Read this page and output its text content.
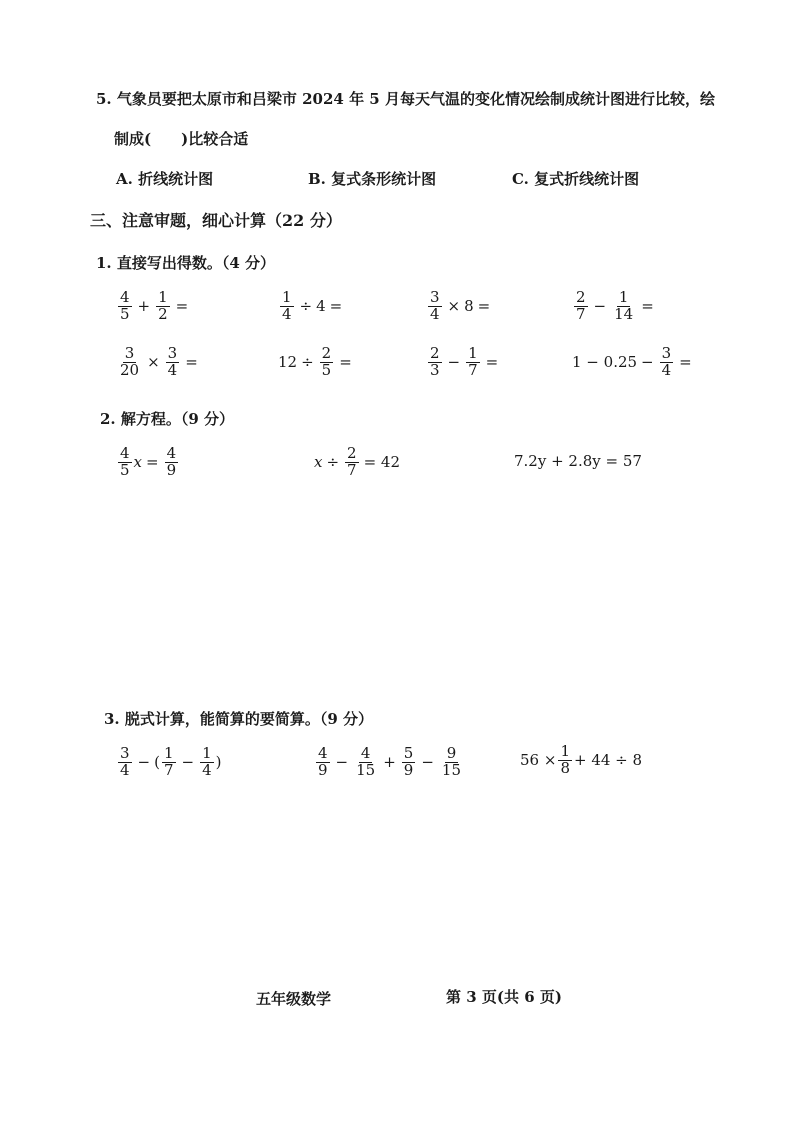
5. 气象员要把太原市和吕梁市 2024 年 5 月每天气温的变化情况绘制成统计图进行比较，绘
制成(　　)比较合适
A. 折线统计图	B. 复式条形统计图	C. 复式折线统计图
三、注意审题，细心计算（22 分）
1. 直接写出得数。（4 分）
$\frac{4}{5} + \frac{1}{2}$ =	$\frac{1}{4} \div 4$ =	$\frac{3}{4} \times 8$ =	$\frac{2}{7} - \frac{1}{14}$ =
$\frac{3}{20} \times \frac{3}{4}$ =	$12 \div \frac{2}{5}$ =	$\frac{2}{3} - \frac{1}{7}$ =	$1 - 0.25 - \frac{3}{4}$ =
2. 解方程。（9 分）
$\frac{4}{5}$ $x = \frac{4}{9}$	$x \div \frac{2}{7} = 42$	7.2y + 2.8y = 57
3. 脱式计算，能简算的要简算。（9 分）
$\frac{3}{4}$ − ( $\frac{1}{7} - \frac{1}{4}$ )	$\frac{4}{9} - \frac{4}{15} + \frac{5}{9} - \frac{9}{15}$	$56 \times \frac{1}{8} + 44 \div 8$
五年级数学	第 3 页(共 6 页)
